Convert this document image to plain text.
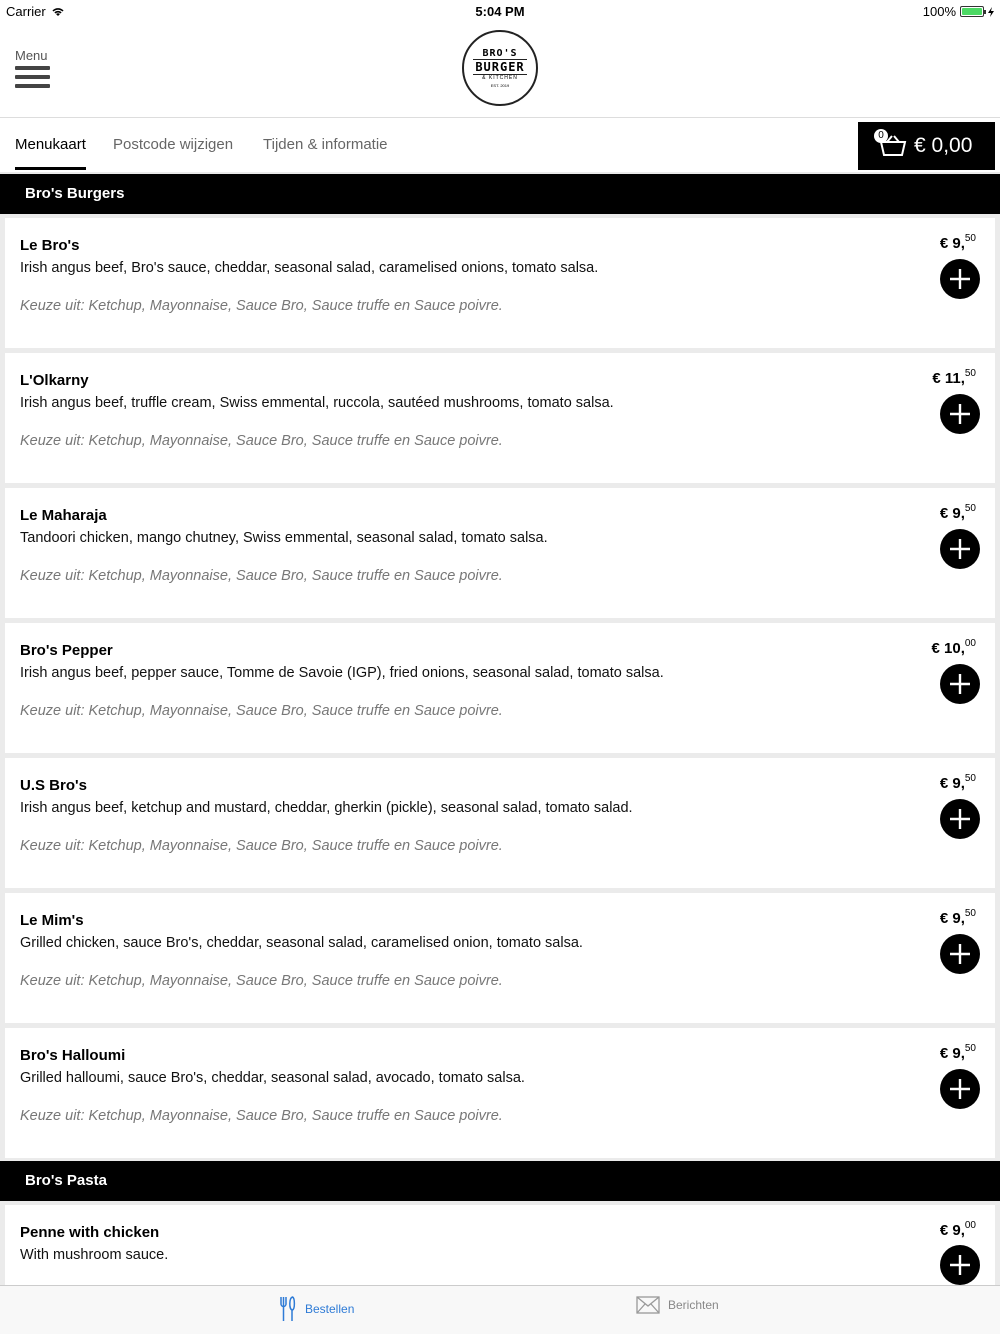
Carrier	5:04 PM	100%
Menu	BRO'S
BURGER
& KITCHEN
EST. 2019
Menukaart Postcode wijzigen Tijden & informatie
0 € 0,00
Bro's Burgers
Le Bro's
Irish angus beef, Bro's sauce, cheddar, seasonal salad, caramelised onions, tomato salsa.
Keuze uit: Ketchup, Mayonnaise, Sauce Bro, Sauce truffe en Sauce poivre.
€ 9,50
L'Olkarny
Irish angus beef, truffle cream, Swiss emmental, ruccola, sautéed mushrooms, tomato salsa.
Keuze uit: Ketchup, Mayonnaise, Sauce Bro, Sauce truffe en Sauce poivre.
€ 11,50
Le Maharaja
Tandoori chicken, mango chutney, Swiss emmental, seasonal salad, tomato salsa.
Keuze uit: Ketchup, Mayonnaise, Sauce Bro, Sauce truffe en Sauce poivre.
€ 9,50
Bro's Pepper
Irish angus beef, pepper sauce, Tomme de Savoie (IGP), fried onions, seasonal salad, tomato salsa.
Keuze uit: Ketchup, Mayonnaise, Sauce Bro, Sauce truffe en Sauce poivre.
€ 10,00
U.S Bro's
Irish angus beef, ketchup and mustard, cheddar, gherkin (pickle), seasonal salad, tomato salad.
Keuze uit: Ketchup, Mayonnaise, Sauce Bro, Sauce truffe en Sauce poivre.
€ 9,50
Le Mim's
Grilled chicken, sauce Bro's, cheddar, seasonal salad, caramelised onion, tomato salsa.
Keuze uit: Ketchup, Mayonnaise, Sauce Bro, Sauce truffe en Sauce poivre.
€ 9,50
Bro's Halloumi
Grilled halloumi, sauce Bro's, cheddar, seasonal salad, avocado, tomato salsa.
Keuze uit: Ketchup, Mayonnaise, Sauce Bro, Sauce truffe en Sauce poivre.
€ 9,50
Bro's Pasta
Penne with chicken
With mushroom sauce.
€ 9,00
Bestellen	Berichten
